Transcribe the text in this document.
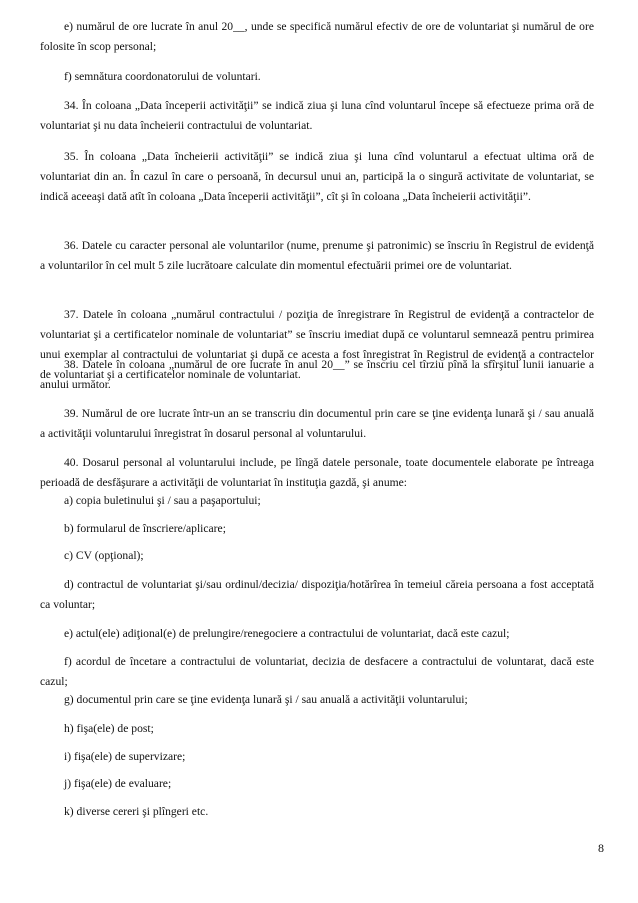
e) numărul de ore lucrate în anul 20__, unde se specifică numărul efectiv de ore de voluntariat şi numărul de ore folosite în scop personal;

f) semnătura coordonatorului de voluntari.

34. În coloana „Data începerii activităţii” se indică ziua şi luna cînd voluntarul începe să efectueze prima oră de voluntariat şi nu data încheierii contractului de voluntariat.

35. În coloana „Data încheierii activităţii” se indică ziua şi luna cînd voluntarul a efectuat ultima oră de voluntariat din an. În cazul în care o persoană, în decursul unui an, participă la o singură activitate de voluntariat, se indică aceeaşi dată atît în coloana „Data începerii activităţii”, cît şi în coloana „Data încheierii activităţii”.

36. Datele cu caracter personal ale voluntarilor (nume, prenume şi patronimic) se înscriu în Registrul de evidenţă a voluntarilor în cel mult 5 zile lucrătoare calculate din momentul efectuării primei ore de voluntariat.

37. Datele în coloana „numărul contractului / poziţia de înregistrare în Registrul de evidenţă a contractelor de voluntariat şi a certificatelor nominale de voluntariat” se înscriu imediat după ce voluntarul semnează pentru primirea unui exemplar al contractului de voluntariat şi după ce acesta a fost înregistrat în Registrul de evidenţă a contractelor de voluntariat şi a certificatelor nominale de voluntariat.

38. Datele în coloana „numărul de ore lucrate în anul 20__” se înscriu cel tîrziu pînă la sfîrşitul lunii ianuarie a anului următor.

39. Numărul de ore lucrate într-un an se transcriu din documentul prin care se ţine evidenţa lunară şi / sau anuală a activităţii voluntarului înregistrat în dosarul personal al voluntarului.

40. Dosarul personal al voluntarului include, pe lîngă datele personale, toate documentele elaborate pe întreaga perioadă de desfăşurare a activităţii de voluntariat în instituţia gazdă, şi anume:

a) copia buletinului şi / sau a paşaportului;

b) formularul de înscriere/aplicare;

c) CV (opţional);

d) contractul de voluntariat şi/sau ordinul/decizia/ dispoziţia/hotărîrea în temeiul căreia persoana a fost acceptată ca voluntar;

e) actul(ele) adiţional(e) de prelungire/renegociere a contractului de voluntariat, dacă este cazul;

f) acordul de încetare a contractului de voluntariat, decizia de desfacere a contractului de voluntarat, dacă este cazul;

g) documentul prin care se ţine evidenţa lunară şi / sau anuală a activităţii voluntarului;

h) fişa(ele) de post;

i) fişa(ele) de supervizare;

j) fişa(ele) de evaluare;

k) diverse cereri şi plîngeri etc.

8
